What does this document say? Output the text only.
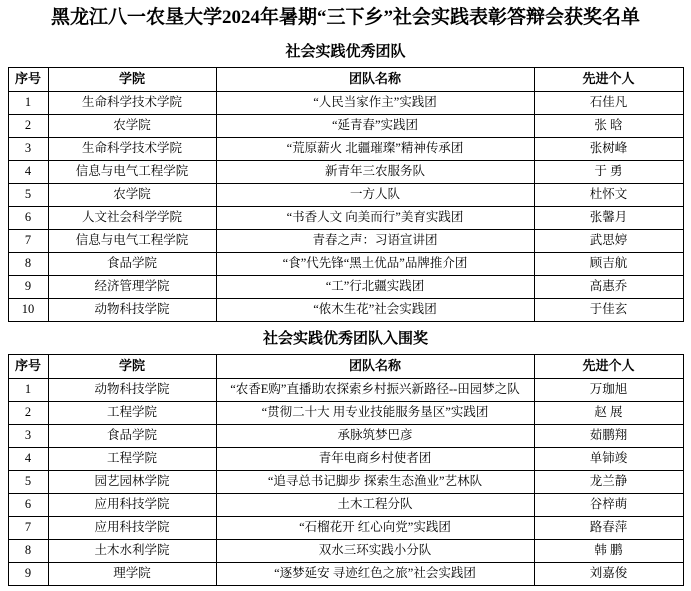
黑龙江八一农垦大学2024年暑期“三下乡”社会实践表彰答辩会获奖名单
社会实践优秀团队
序号	学院	团队名称	先进个人
1	生命科学技术学院	“人民当家作主”实践团	石佳凡
2	农学院	“延青春”实践团	张 晗
3	生命科学技术学院	“荒原薪火 北疆璀璨”精神传承团	张树峰
4	信息与电气工程学院	新青年三农服务队	于 勇
5	农学院	一方人队	杜怀文
6	人文社会科学学院	“书香人文 向美而行”美育实践团	张馨月
7	信息与电气工程学院	青春之声：习语宣讲团	武思婷
8	食品学院	“食”代先锋“黑土优品”品牌推介团	顾吉航
9	经济管理学院	“工”行北疆实践团	高惠乔
10	动物科技学院	“侬木生花”社会实践团	于佳玄
社会实践优秀团队入围奖
序号	学院	团队名称	先进个人
1	动物科技学院	“农香E购”直播助农探索乡村振兴新路径--田园梦之队	万珈旭
2	工程学院	“贯彻二十大 用专业技能服务垦区”实践团	赵 展
3	食品学院	承脉筑梦巴彦	茹鹏翔
4	工程学院	青年电商乡村使者团	单铈竣
5	园艺园林学院	“追寻总书记脚步 探索生态渔业”艺林队	龙兰静
6	应用科技学院	土木工程分队	谷梓萌
7	应用科技学院	“石榴花开 红心向党”实践团	路春萍
8	土木水利学院	双水三环实践小分队	韩 鹏
9	理学院	“逐梦延安 寻迹红色之旅”社会实践团	刘嘉俊
